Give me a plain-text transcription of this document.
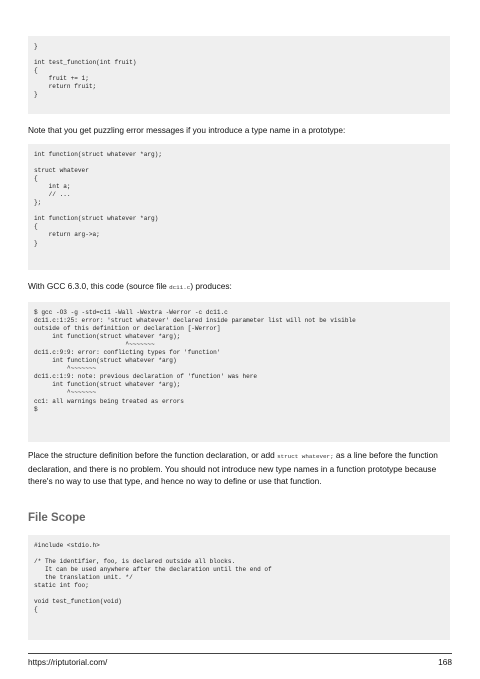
}

int test_function(int fruit)
{
fruit += 1;
return fruit;
}

Note that you get puzzling error messages if you introduce a type name in a prototype:

int function(struct whatever *arg);

struct whatever
{
int a;
// ...
};

int function(struct whatever *arg)
{
return arg->a;
}

With GCC 6.3.0, this code (source file dc11.c) produces:

$ gcc -O3 -g -std=c11 -Wall -Wextra -Werror -c dc11.c
dc11.c:1:25: error: 'struct whatever' declared inside parameter list will not be visible
outside of this definition or declaration [-Werror]
int function(struct whatever *arg);
^~~~~~~~
dc11.c:9:9: error: conflicting types for 'function'
int function(struct whatever *arg)
^~~~~~~~
dc11.c:1:9: note: previous declaration of 'function' was here
int function(struct whatever *arg);
^~~~~~~~
cc1: all warnings being treated as errors
$

Place the structure definition before the function declaration, or add struct whatever; as a line before the function declaration, and there is no problem. You should not introduce new type names in a function prototype because there's no way to use that type, and hence no way to define or use that function.

File Scope
#include <stdio.h>

/* The identifier, foo, is declared outside all blocks.
It can be used anywhere after the declaration until the end of
the translation unit. */
static int foo;

void test_function(void)
{
https://riptutorial.com/	168
